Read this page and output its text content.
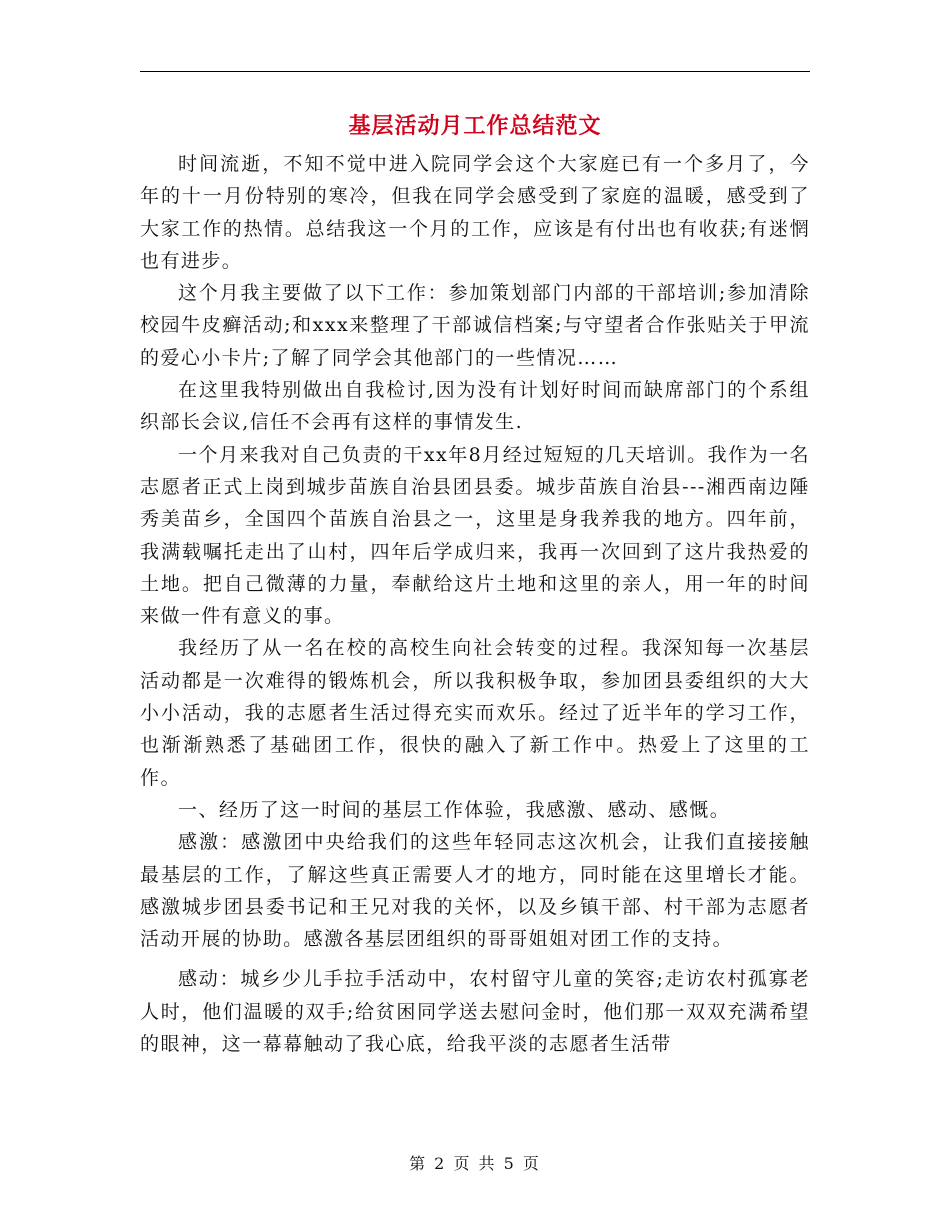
基层活动月工作总结范文

时间流逝，不知不觉中进入院同学会这个大家庭已有一个多月了，今年的十一月份特别的寒冷，但我在同学会感受到了家庭的温暖，感受到了大家工作的热情。总结我这一个月的工作，应该是有付出也有收获;有迷惘也有进步。

这个月我主要做了以下工作：参加策划部门内部的干部培训;参加清除校园牛皮癣活动;和xxx来整理了干部诚信档案;与守望者合作张贴关于甲流的爱心小卡片;了解了同学会其他部门的一些情况……

在这里我特别做出自我检讨,因为没有计划好时间而缺席部门的个系组织部长会议,信任不会再有这样的事情发生.

一个月来我对自己负责的干xx年8月经过短短的几天培训。我作为一名志愿者正式上岗到城步苗族自治县团县委。城步苗族自治县---湘西南边陲秀美苗乡，全国四个苗族自治县之一，这里是身我养我的地方。四年前，我满载嘱托走出了山村，四年后学成归来，我再一次回到了这片我热爱的土地。把自己微薄的力量，奉献给这片土地和这里的亲人，用一年的时间来做一件有意义的事。

我经历了从一名在校的高校生向社会转变的过程。我深知每一次基层活动都是一次难得的锻炼机会，所以我积极争取，参加团县委组织的大大小小活动，我的志愿者生活过得充实而欢乐。经过了近半年的学习工作，也渐渐熟悉了基础团工作，很快的融入了新工作中。热爱上了这里的工作。

一、经历了这一时间的基层工作体验，我感激、感动、感慨。

感激：感激团中央给我们的这些年轻同志这次机会，让我们直接接触最基层的工作，了解这些真正需要人才的地方，同时能在这里增长才能。感激城步团县委书记和王兄对我的关怀，以及乡镇干部、村干部为志愿者活动开展的协助。感激各基层团组织的哥哥姐姐对团工作的支持。

感动：城乡少儿手拉手活动中，农村留守儿童的笑容;走访农村孤寡老人时，他们温暖的双手;给贫困同学送去慰问金时，他们那一双双充满希望的眼神，这一幕幕触动了我心底，给我平淡的志愿者生活带

第 2 页 共 5 页
